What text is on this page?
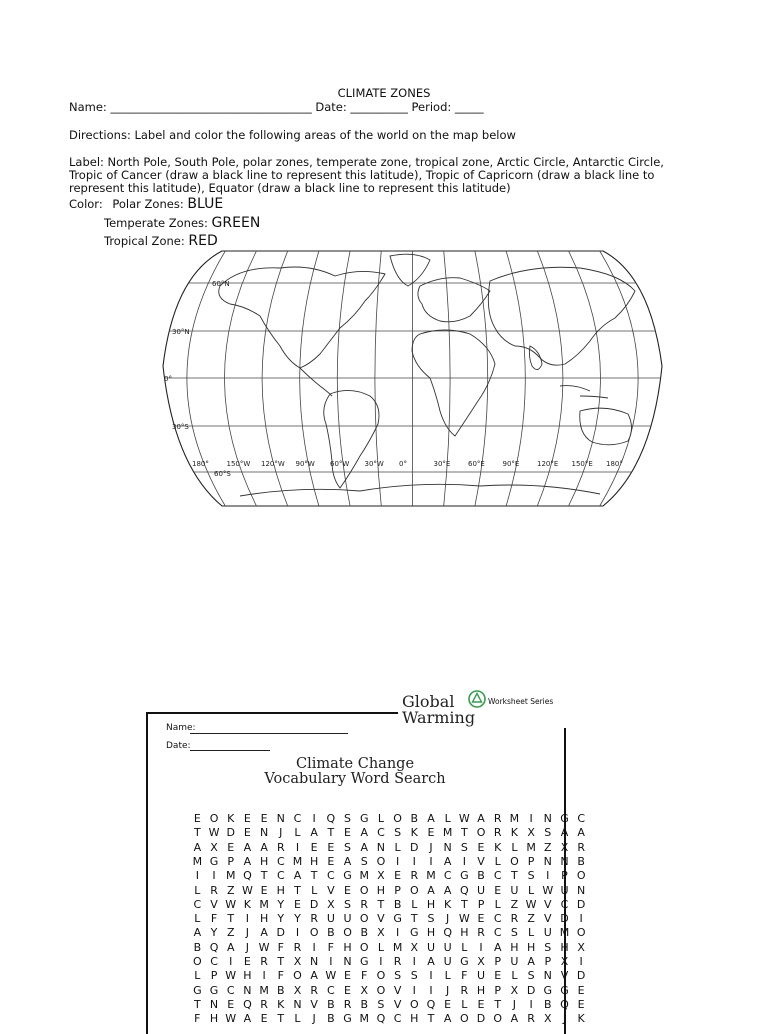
CLIMATE ZONES
Name: ___________________________________ Date: __________ Period: _____
Directions: Label and color the following areas of the world on the map below
Label: North Pole, South Pole, polar zones, temperate zone, tropical zone, Arctic Circle, Antarctic Circle,
Tropic of Cancer (draw a black line to represent this latitude), Tropic of Capricorn (draw a black line to
represent this latitude), Equator (draw a black line to represent this latitude)
Color: Polar Zones: BLUE
Temperate Zones: GREEN
Tropical Zone: RED
60°N
30°N
0°
30°S
60°S
180°	150°W 120°W 90°W 60°W 30°W 0°	30°E	60°E	90°E	120°E 150°E 180°
Global	Worksheet Series
Warming
Name:
Date:
Climate Change
Vocabulary Word Search
E O K E E N C I Q S G L O B A L W A R M I N G C
T W D E N J L A T E A C S K E M T O R K X S A A
A X E A A R I E E S A N L D J N S E K L M Z X R
M G P A H C M H E A S O I I I A I V L O P N N B
I I M Q T C A T C G M X E R M C G B C T S I P O
L R Z W E H T L V E O H P O A A Q U E U L W U N
C V W K M Y E D X S R T B L H K T P L Z W V C D
L F T I H Y Y R U U O V G T S J W E C R Z V D I
A Y Z J A D I O B O B X I G H Q H R C S L U M O
B Q A J W F R I F H O L M X U U L I A H H S H X
O C I E R T X N I N G I R I A U G X P U A P X I
L P W H I F O A W E F O S S I L F U E L S N V D
G G C N M B X R C E X O V I I J R H P X D G G E
T N E Q R K N V B R B S V O Q E L E T J I B Q E
F H W A E T L J B G M Q C H T A O D O A R X J K
